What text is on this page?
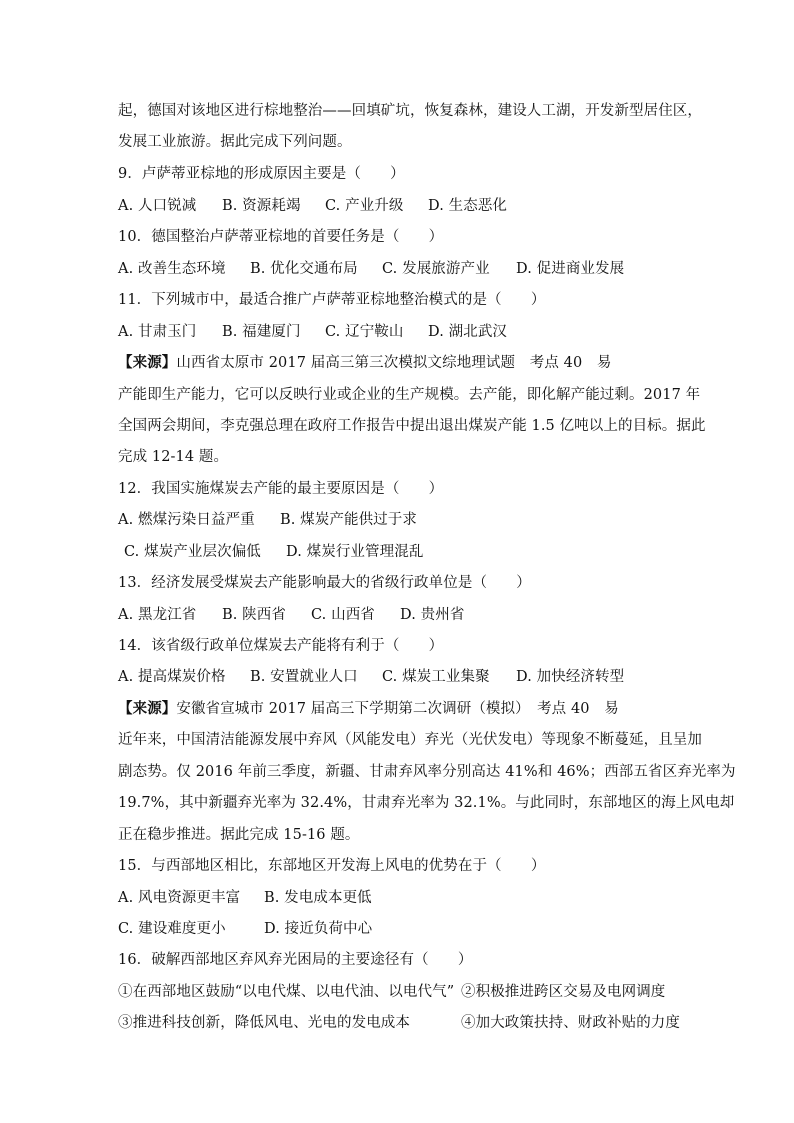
起，德国对该地区进行棕地整治——回填矿坑，恢复森林，建设人工湖，开发新型居住区，
发展工业旅游。据此完成下列问题。
9．卢萨蒂亚棕地的形成原因主要是（　　）
A. 人口锐减 B. 资源耗竭 C. 产业升级 D. 生态恶化
10．德国整治卢萨蒂亚棕地的首要任务是（　　）
A. 改善生态环境 B. 优化交通布局 C. 发展旅游产业 D. 促进商业发展
11．下列城市中，最适合推广卢萨蒂亚棕地整治模式的是（　　）
A. 甘肃玉门 B. 福建厦门 C. 辽宁鞍山 D. 湖北武汉
【来源】山西省太原市 2017 届高三第三次模拟文综地理试题　考点 40　易
产能即生产能力，它可以反映行业或企业的生产规模。去产能，即化解产能过剩。2017 年
全国两会期间，李克强总理在政府工作报告中提出退出煤炭产能 1.5 亿吨以上的目标。据此
完成 12-14 题。
12．我国实施煤炭去产能的最主要原因是（　　）
A. 燃煤污染日益严重 B. 煤炭产能供过于求
C. 煤炭产业层次偏低 D. 煤炭行业管理混乱
13．经济发展受煤炭去产能影响最大的省级行政单位是（　　）
A. 黑龙江省 B. 陕西省 C. 山西省 D. 贵州省
14．该省级行政单位煤炭去产能将有利于（　　）
A. 提高煤炭价格 B. 安置就业人口 C. 煤炭工业集聚 D. 加快经济转型
【来源】安徽省宣城市 2017 届高三下学期第二次调研（模拟）　考点 40　易
近年来，中国清洁能源发展中弃风（风能发电）弃光（光伏发电）等现象不断蔓延，且呈加
剧态势。仅 2016 年前三季度，新疆、甘肃弃风率分别高达 41%和 46%；西部五省区弃光率为
19.7%，其中新疆弃光率为 32.4%，甘肃弃光率为 32.1%。与此同时，东部地区的海上风电却
正在稳步推进。据此完成 15-16 题。
15．与西部地区相比，东部地区开发海上风电的优势在于（　　）
A. 风电资源更丰富 B. 发电成本更低
C. 建设难度更小	D. 接近负荷中心
16．破解西部地区弃风弃光困局的主要途径有（　　）
①在西部地区鼓励“以电代煤、以电代油、以电代气” ②积极推进跨区交易及电网调度
③推进科技创新，降低风电、光电的发电成本	④加大政策扶持、财政补贴的力度
